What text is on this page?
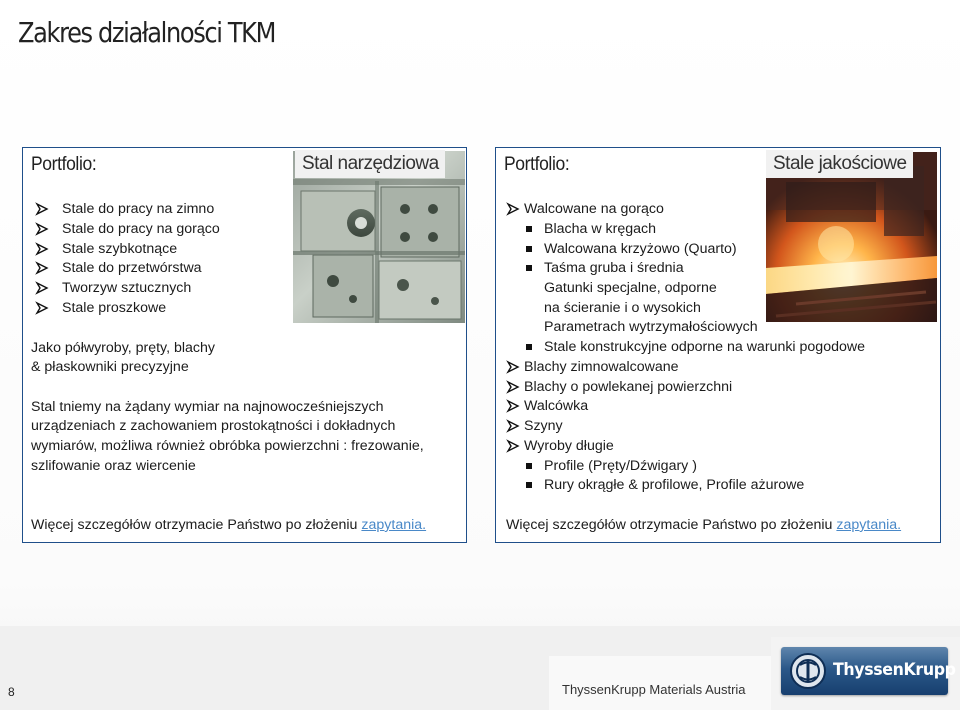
Zakres działalności TKM
Portfolio:	Stal narzędziowa
Stale do pracy na zimno
Stale do pracy na gorąco
Stale szybkotnące
Stale do przetwórstwa
Tworzyw sztucznych
Stale proszkowe
Jako półwyroby, pręty, blachy
& płaskowniki precyzyjne
Stal tniemy na żądany wymiar na najnowocześniejszych
urządzeniach z zachowaniem prostokątności i dokładnych
wymiarów, możliwa również obróbka powierzchni : frezowanie,
szlifowanie oraz wiercenie
Więcej szczegółów otrzymacie Państwo po złożeniu zapytania.
Portfolio:	Stale jakościowe
Walcowane na gorąco
Blacha w kręgach
Walcowana krzyżowo (Quarto)
Taśma gruba i średnia
Gatunki specjalne, odporne
na ścieranie i o wysokich
Parametrach wytrzymałościowych
Stale konstrukcyjne odporne na warunki pogodowe
Blachy zimnowalcowane
Blachy o powlekanej powierzchni
Walcówka
Szyny
Wyroby długie
Profile (Pręty/Dźwigary )
Rury okrągłe & profilowe, Profile ażurowe
Więcej szczegółów otrzymacie Państwo po złożeniu zapytania.
8	ThyssenKrupp Materials Austria
ThyssenKrupp
